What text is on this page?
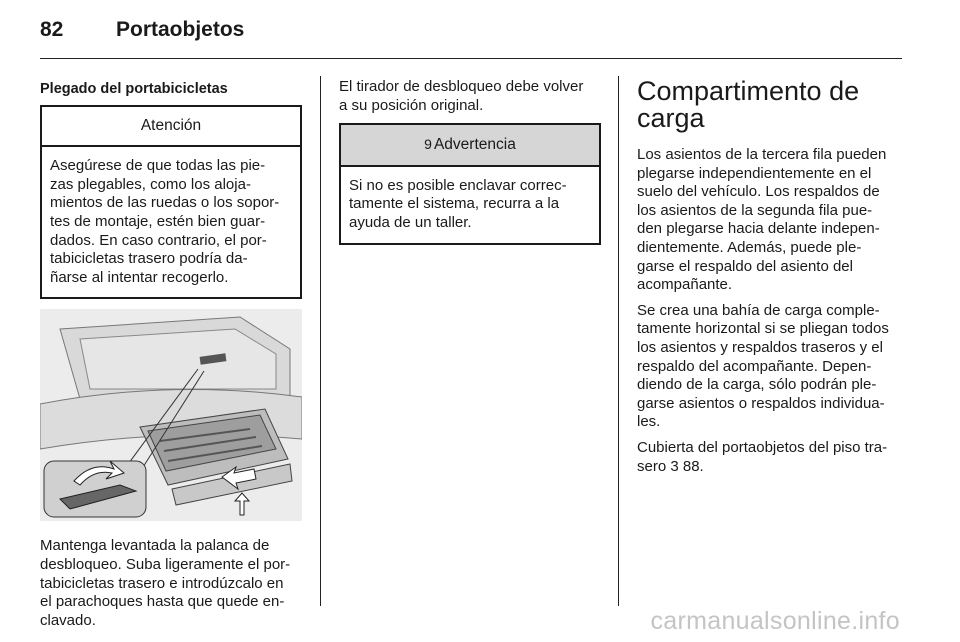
82	Portaobjetos
Plegado del portabicicletas
Atención
Asegúrese de que todas las pie-
zas plegables, como los aloja-
mientos de las ruedas o los sopor-
tes de montaje, estén bien guar-
dados. En caso contrario, el por-
tabicicletas trasero podría da-
ñarse al intentar recogerlo.
Mantenga levantada la palanca de
desbloqueo. Suba ligeramente el por-
tabicicletas trasero e introdúzcalo en
el parachoques hasta que quede en-
clavado.
El tirador de desbloqueo debe volver
a su posición original.
9 Advertencia
Si no es posible enclavar correc-
tamente el sistema, recurra a la
ayuda de un taller.
Compartimento de
carga
Los asientos de la tercera fila pueden
plegarse independientemente en el
suelo del vehículo. Los respaldos de
los asientos de la segunda fila pue-
den plegarse hacia delante indepen-
dientemente. Además, puede ple-
garse el respaldo del asiento del
acompañante.
Se crea una bahía de carga comple-
tamente horizontal si se pliegan todos
los asientos y respaldos traseros y el
respaldo del acompañante. Depen-
diendo de la carga, sólo podrán ple-
garse asientos o respaldos individua-
les.
Cubierta del portaobjetos del piso tra-
sero 3 88.
carmanualsonline.info
